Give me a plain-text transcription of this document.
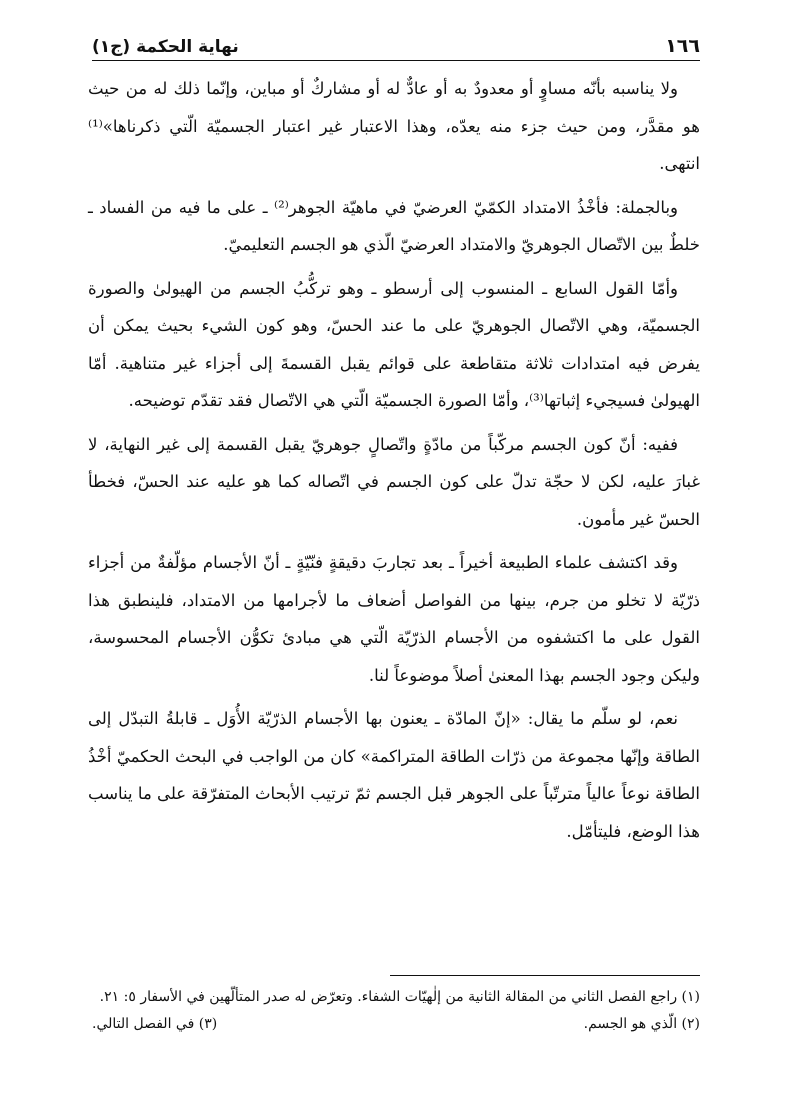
١٦٦
نهاية الحكمة (ج١)

ولا يناسبه بأنّه مساوٍ أو معدودٌ به أو عادٌّ له أو مشاركٌ أو مباين، وإنّما ذلك له من حيث هو مقدَّر، ومن حيث جزء منه يعدّه، وهذا الاعتبار غير اعتبار الجسميّة الّتي ذكرناها»⁽¹⁾ انتهى.

وبالجملة: فأخْذُ الامتداد الكمّيّ العرضيّ في ماهيّة الجوهر⁽²⁾ ـ على ما فيه من الفساد ـ خلطٌ بين الاتّصال الجوهريّ والامتداد العرضيّ الّذي هو الجسم التعليميّ.

وأمّا القول السابع ـ المنسوب إلى أرسطو ـ وهو تركُّبُ الجسم من الهيولىٰ والصورة الجسميّة، وهي الاتّصال الجوهريّ على ما عند الحسّ، وهو كون الشيء بحيث يمكن أن يفرض فيه امتدادات ثلاثة متقاطعة على قوائم يقبل القسمةَ إلى أجزاء غير متناهية. أمّا الهيولىٰ فسيجيء إثباتها⁽³⁾، وأمّا الصورة الجسميّة الّتي هي الاتّصال فقد تقدّم توضيحه.

ففيه: أنّ كون الجسم مركّباً من مادّةٍ واتّصالٍ جوهريّ يقبل القسمة إلى غير النهاية، لا غبارَ عليه، لكن لا حجّة تدلّ على كون الجسم في اتّصاله كما هو عليه عند الحسّ، فخطأ الحسّ غير مأمون.

وقد اكتشف علماء الطبيعة أخيراً ـ بعد تجاربَ دقيقةٍ فنّيّةٍ ـ أنّ الأجسام مؤلّفةٌ من أجزاء ذرّيّة لا تخلو من جرم، بينها من الفواصل أضعاف ما لأجرامها من الامتداد، فلينطبق هذا القول على ما اكتشفوه من الأجسام الذرّيّة الّتي هي مبادئ تكوُّن الأجسام المحسوسة، وليكن وجود الجسم بهذا المعنىٰ أصلاً موضوعاً لنا.

نعم، لو سلّم ما يقال: «إنّ المادّة ـ يعنون بها الأجسام الذرّيّة الأُوَل ـ قابلةُ التبدّل إلى الطاقة وإنّها مجموعة من ذرّات الطاقة المتراكمة» كان من الواجب في البحث الحكميّ أخْذُ الطاقة نوعاً عالياً مترتّباً على الجوهر قبل الجسم ثمّ ترتيب الأبحاث المتفرّقة على ما يناسب هذا الوضع، فليتأمّل.

(١) راجع الفصل الثاني من المقالة الثانية من إلٰهيّات الشفاء. وتعرّض له صدر المتألّهين في الأسفار ٥: ٢١.

(٢) الّذي هو الجسم.
(٣) في الفصل التالي.
